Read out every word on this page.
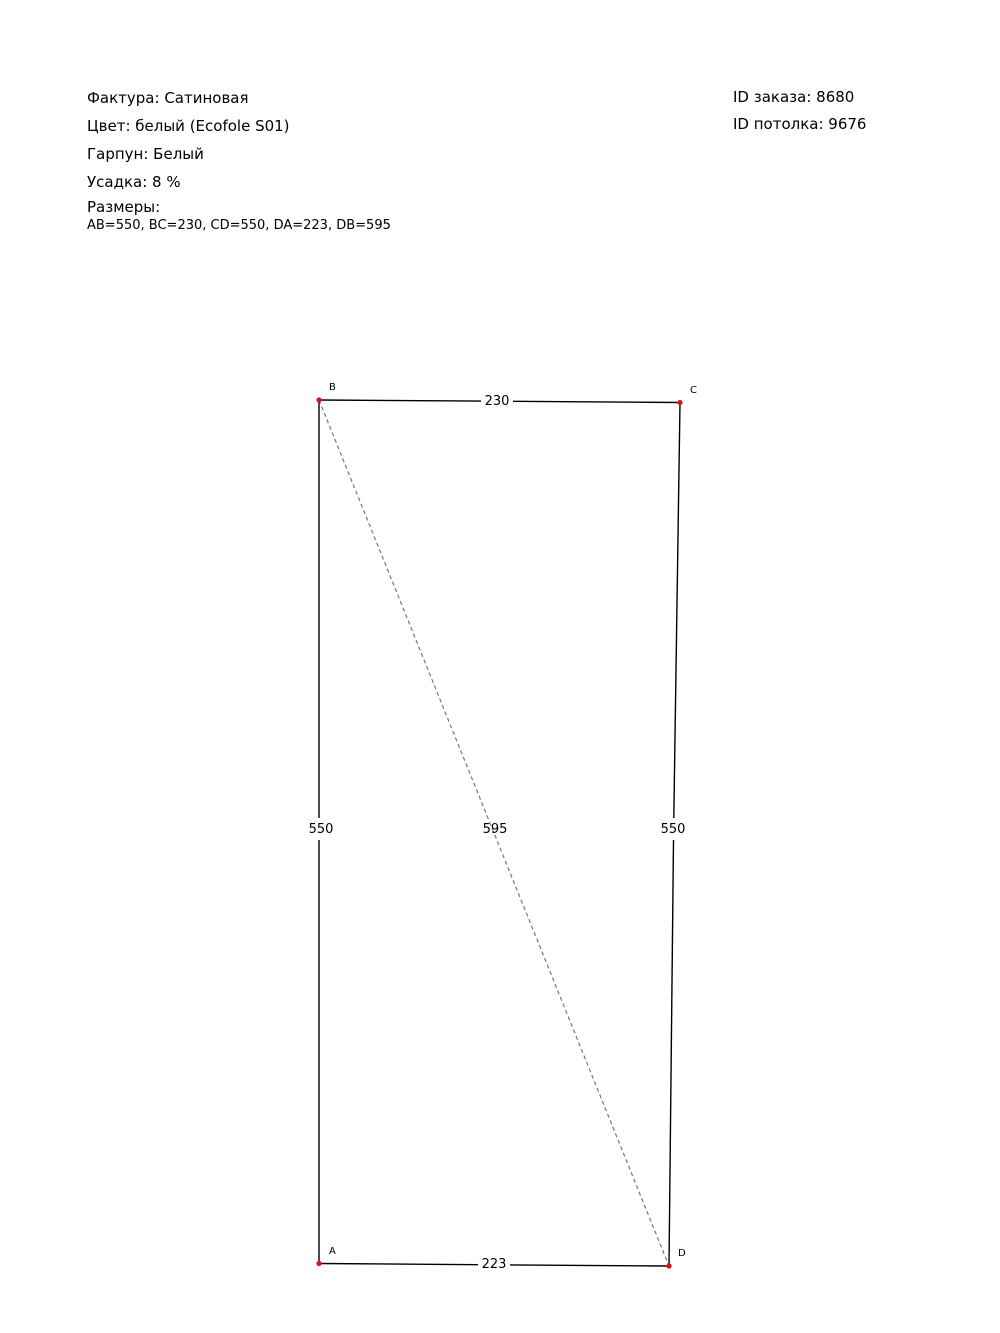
Фактура: Сатиновая
Цвет: белый (Ecofole S01)
Гарпун: Белый
Усадка: 8 %
Размеры:
AB=550, BC=230, CD=550, DA=223, DB=595
ID заказа: 8680
ID потолка: 9676
230
550	595	550
223
A
B	C
D
